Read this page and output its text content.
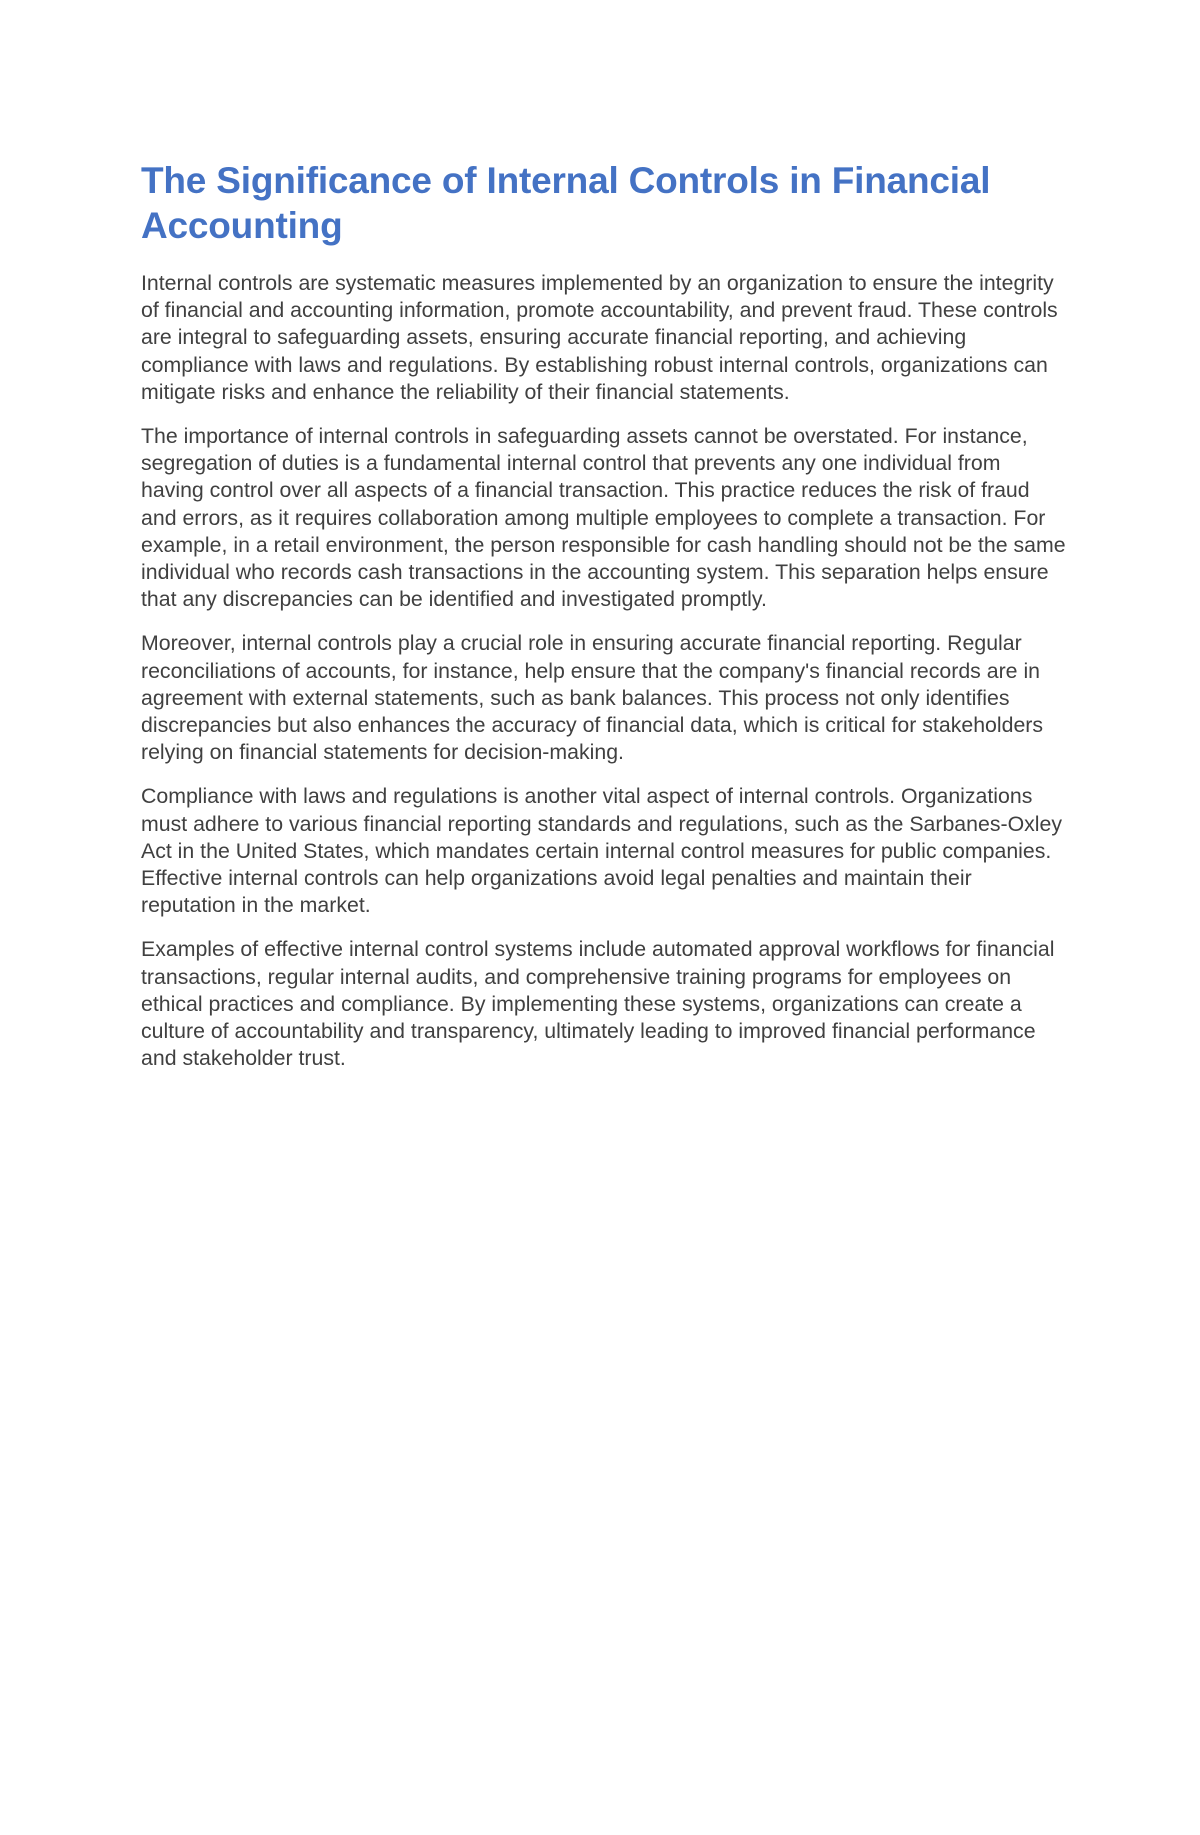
The Significance of Internal Controls in Financial Accounting

Internal controls are systematic measures implemented by an organization to ensure the integrity of financial and accounting information, promote accountability, and prevent fraud. These controls are integral to safeguarding assets, ensuring accurate financial reporting, and achieving compliance with laws and regulations. By establishing robust internal controls, organizations can mitigate risks and enhance the reliability of their financial statements.

The importance of internal controls in safeguarding assets cannot be overstated. For instance, segregation of duties is a fundamental internal control that prevents any one individual from having control over all aspects of a financial transaction. This practice reduces the risk of fraud and errors, as it requires collaboration among multiple employees to complete a transaction. For example, in a retail environment, the person responsible for cash handling should not be the same individual who records cash transactions in the accounting system. This separation helps ensure that any discrepancies can be identified and investigated promptly.

Moreover, internal controls play a crucial role in ensuring accurate financial reporting. Regular reconciliations of accounts, for instance, help ensure that the company's financial records are in agreement with external statements, such as bank balances. This process not only identifies discrepancies but also enhances the accuracy of financial data, which is critical for stakeholders relying on financial statements for decision-making.

Compliance with laws and regulations is another vital aspect of internal controls. Organizations must adhere to various financial reporting standards and regulations, such as the Sarbanes-Oxley Act in the United States, which mandates certain internal control measures for public companies. Effective internal controls can help organizations avoid legal penalties and maintain their reputation in the market.

Examples of effective internal control systems include automated approval workflows for financial transactions, regular internal audits, and comprehensive training programs for employees on ethical practices and compliance. By implementing these systems, organizations can create a culture of accountability and transparency, ultimately leading to improved financial performance and stakeholder trust.
